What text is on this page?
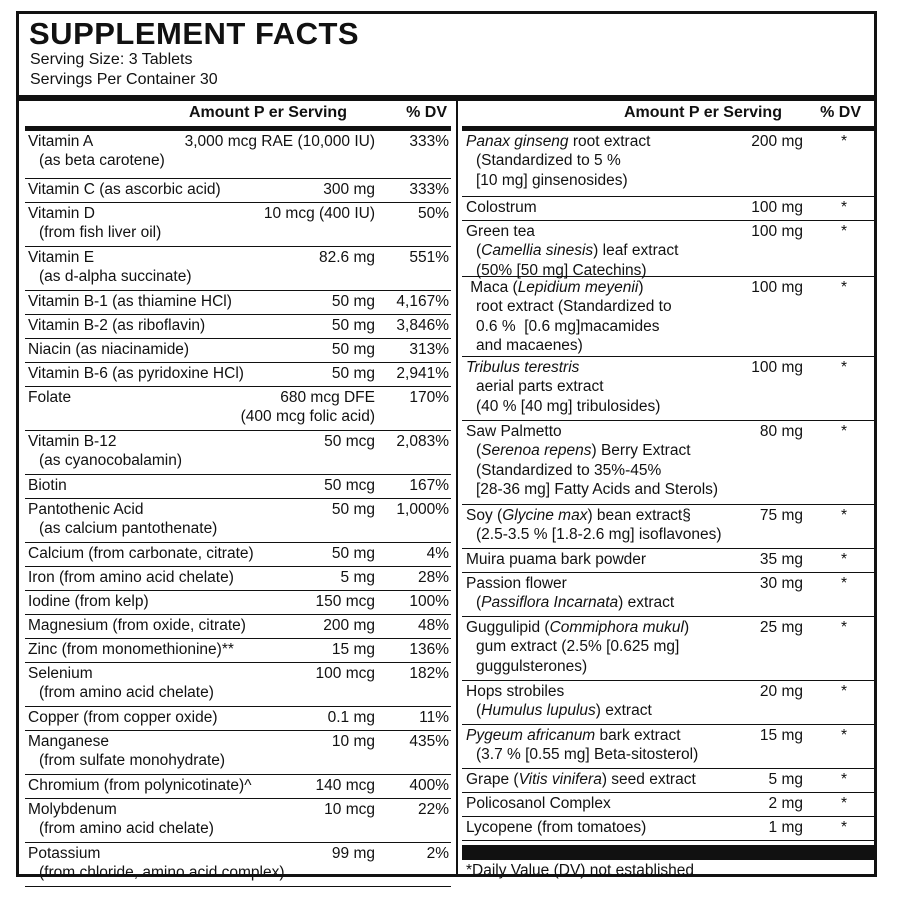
SUPPLEMENT FACTS
Serving Size: 3 Tablets
Servings Per Container 30
Amount P er Serving	% DV
Vitamin A
(as beta carotene)
3,000 mcg RAE (10,000 IU) 333%
Vitamin C (as ascorbic acid)	300 mg 333%
Vitamin D
(from fish liver oil)
10 mcg (400 IU)	50%
Vitamin E
(as d-alpha succinate)
82.6 mg 551%
Vitamin B-1 (as thiamine HCl)	50 mg 4,167%
Vitamin B-2 (as riboflavin)	50 mg 3,846%
Niacin (as niacinamide)	50 mg 313%
Vitamin B-6 (as pyridoxine HCl)	50 mg 2,941%
Folate	680 mcg DFE
(400 mcg folic acid)
170%
Vitamin B-12
(as cyanocobalamin)
50 mcg 2,083%
Biotin	50 mcg 167%
Pantothenic Acid
(as calcium pantothenate)
50 mg 1,000%
Calcium (from carbonate, citrate)	50 mg	4%
Iron (from amino acid chelate)	5 mg	28%
Iodine (from kelp)	150 mcg 100%
Magnesium (from oxide, citrate)	200 mg	48%
Zinc (from monomethionine)**	15 mg 136%
Selenium
(from amino acid chelate)
100 mcg 182%
Copper (from copper oxide)	0.1 mg	11%
Manganese
(from sulfate monohydrate)
10 mg 435%
Chromium (from polynicotinate)^	140 mcg 400%
Molybdenum
(from amino acid chelate)
10 mcg	22%
Potassium
(from chloride, amino acid complex)
99 mg	2%
Amount P er Serving % DV
Panax ginseng root extract
(Standardized to 5 %
[10 mg] ginsenosides)
200 mg *
Colostrum	100 mg *
Green tea
(Camellia sinesis) leaf extract
(50% [50 mg] Catechins)
100 mg *
Maca (Lepidium meyenii)
root extract (Standardized to
0.6 %  [0.6 mg]macamides
and macaenes)
100 mg *
Tribulus terestris
aerial parts extract
(40 % [40 mg] tribulosides)
100 mg *
Saw Palmetto
(Serenoa repens) Berry Extract
(Standardized to 35%-45%
[28-36 mg] Fatty Acids and Sterols)
80 mg *
Soy (Glycine max) bean extract§
(2.5-3.5 % [1.8-2.6 mg] isoflavones)
75 mg *
Muira puama bark powder	35 mg *
Passion flower
(Passiflora Incarnata) extract
30 mg *
Guggulipid (Commiphora mukul)
gum extract (2.5% [0.625 mg]
guggulsterones)
25 mg *
Hops strobiles
(Humulus lupulus) extract
20 mg *
Pygeum africanum bark extract
(3.7 % [0.55 mg] Beta-sitosterol)
15 mg *
Grape (Vitis vinifera) seed extract	5 mg *
Policosanol Complex	2 mg *
Lycopene (from tomatoes)	1 mg *
*Daily Value (DV) not established
